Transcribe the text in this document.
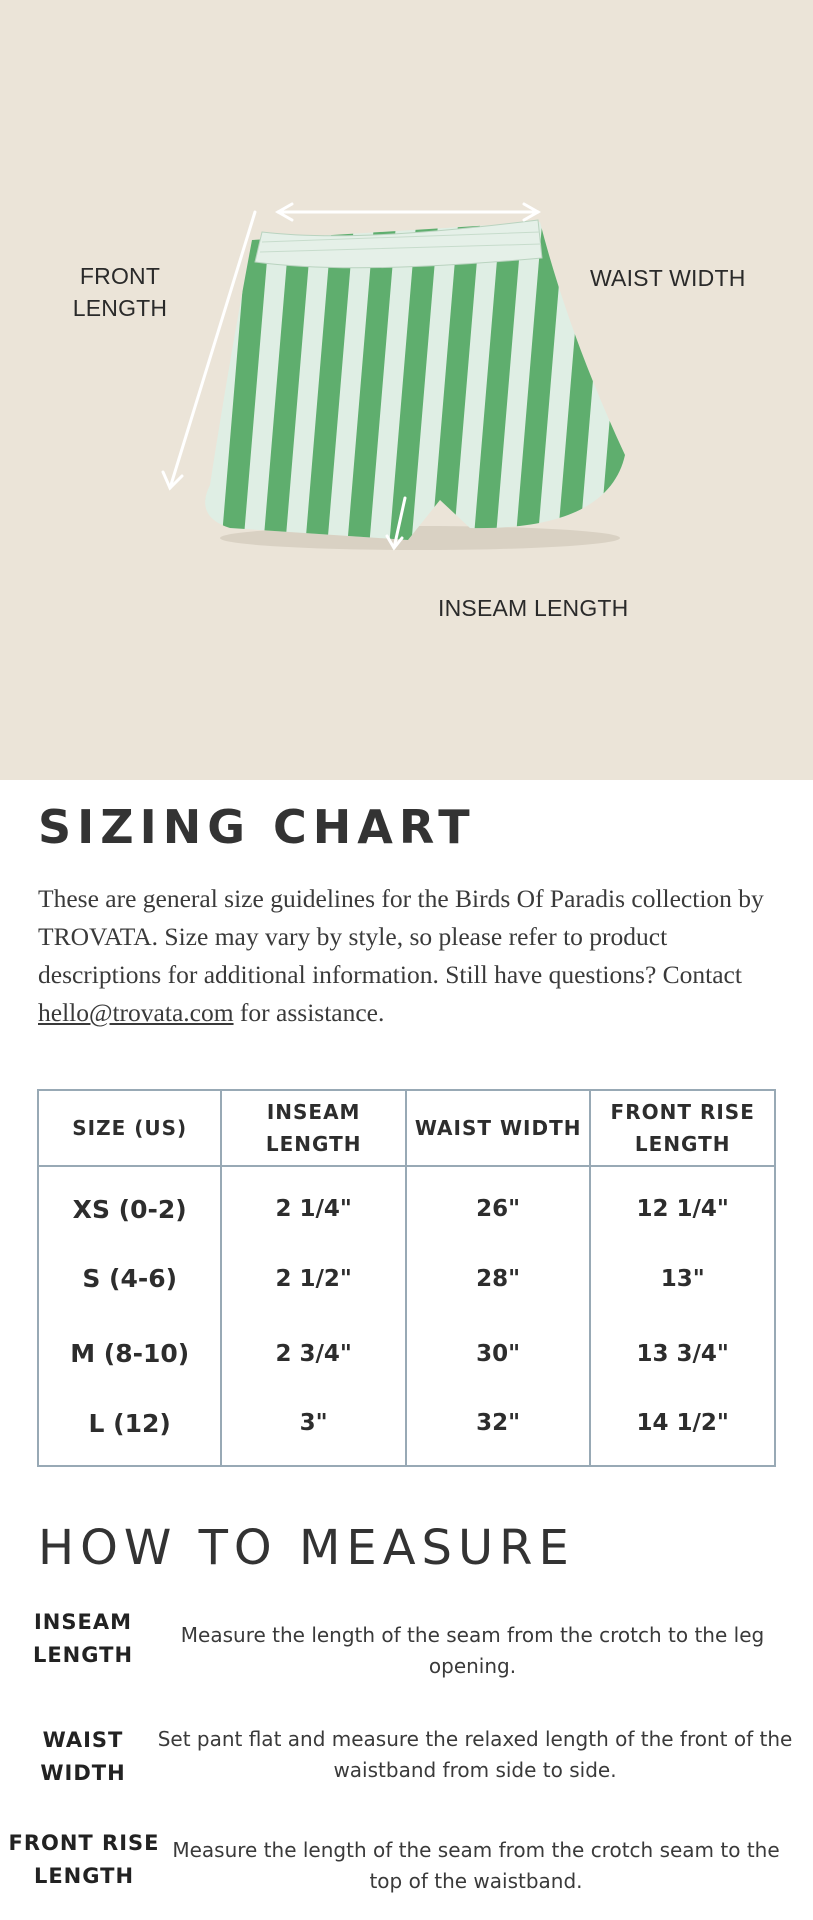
FRONT
LENGTH
WAIST WIDTH
INSEAM LENGTH
SIZING CHART

These are general size guidelines for the Birds Of Paradis collection by TROVATA. Size may vary by style, so please refer to product descriptions for additional information. Still have questions? Contact hello@trovata.com for assistance.

SIZE (US)	INSEAM LENGTH	WAIST WIDTH	FRONT RISE LENGTH
XS (0-2)	2 1/4"	26"	12 1/4"
S (4-6)	2 1/2"	28"	13"
M (8-10)	2 3/4"	30"	13 3/4"
L (12)	3"	32"	14 1/2"
HOW TO MEASURE
INSEAM
LENGTH
Measure the length of the seam from the crotch to the leg opening.
WAIST
WIDTH
Set pant flat and measure the relaxed length of the front of the waistband from side to side.
FRONT RISE
LENGTH
Measure the length of the seam from the crotch seam to the top of the waistband.
